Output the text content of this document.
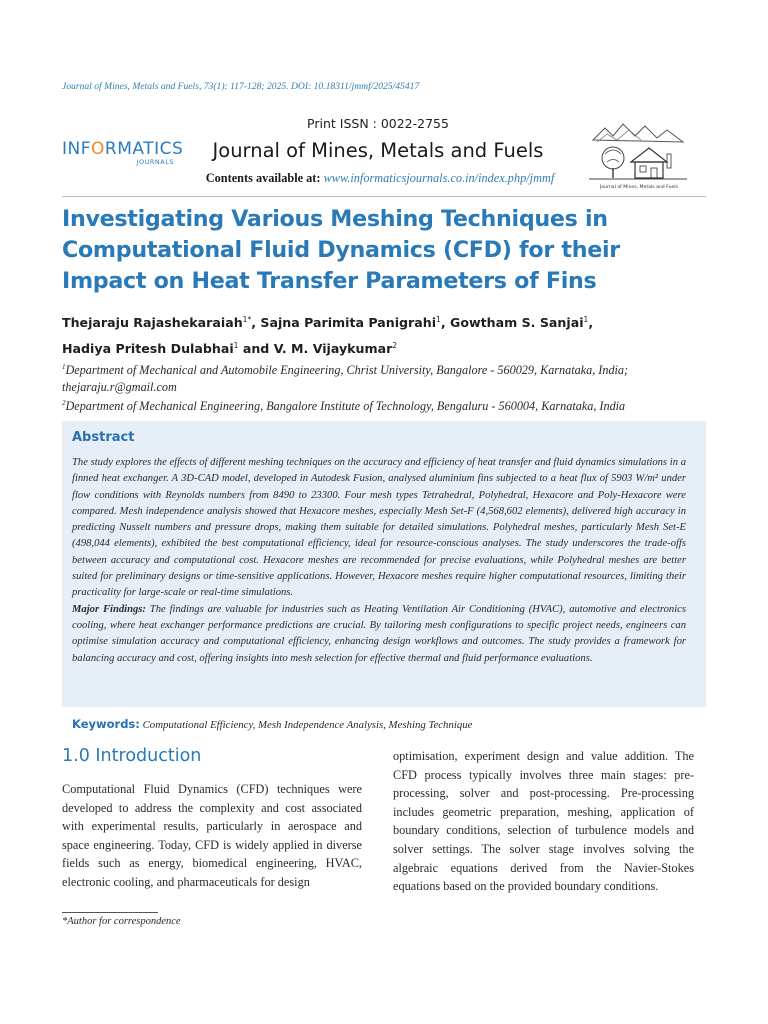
Journal of Mines, Metals and Fuels, 73(1): 117-128; 2025. DOI: 10.18311/jmmf/2025/45417
INFORMATICS
JOURNALS
Print ISSN : 0022-2755
Journal of Mines, Metals and Fuels
Contents available at: www.informaticsjournals.co.in/index.php/jmmf
Journal of Mines, Metals and Fuels
Investigating Various Meshing Techniques in Computational Fluid Dynamics (CFD) for their Impact on Heat Transfer Parameters of Fins
Thejaraju Rajashekaraiah$^{1*}$, Sajna Parimita Panigrahi$^1$, Gowtham S. Sanjai$^1$,
Hadiya Pritesh Dulabhai$^1$ and V. M. Vijaykumar$^2$
$^1$Department of Mechanical and Automobile Engineering, Christ University, Bangalore - 560029, Karnataka, India; thejaraju.r@gmail.com
$^2$Department of Mechanical Engineering, Bangalore Institute of Technology, Bengaluru - 560004, Karnataka, India
Abstract

The study explores the effects of different meshing techniques on the accuracy and efficiency of heat transfer and fluid dynamics simulations in a finned heat exchanger. A 3D-CAD model, developed in Autodesk Fusion, analysed aluminium fins subjected to a heat flux of 5903 W/m² under flow conditions with Reynolds numbers from 8490 to 23300. Four mesh types Tetrahedral, Polyhedral, Hexacore and Poly-Hexacore were compared. Mesh independence analysis showed that Hexacore meshes, especially Mesh Set-F (4,568,602 elements), delivered high accuracy in predicting Nusselt numbers and pressure drops, making them suitable for detailed simulations. Polyhedral meshes, particularly Mesh Set-E (498,044 elements), exhibited the best computational efficiency, ideal for resource-conscious analyses. The study underscores the trade-offs between accuracy and computational cost. Hexacore meshes are recommended for precise evaluations, while Polyhedral meshes are better suited for preliminary designs or time-sensitive applications. However, Hexacore meshes require higher computational resources, limiting their practicality for large-scale or real-time simulations.

Major Findings: The findings are valuable for industries such as Heating Ventilation Air Conditioning (HVAC), automotive and electronics cooling, where heat exchanger performance predictions are crucial. By tailoring mesh configurations to specific project needs, engineers can optimise simulation accuracy and computational efficiency, enhancing design workflows and outcomes. The study provides a framework for balancing accuracy and cost, offering insights into mesh selection for effective thermal and fluid performance evaluations.

Keywords: Computational Efficiency, Mesh Independence Analysis, Meshing Technique
1.0 Introduction
Computational Fluid Dynamics (CFD) techniques were developed to address the complexity and cost associated with experimental results, particularly in aerospace and space engineering. Today, CFD is widely applied in diverse fields such as energy, biomedical engineering, HVAC, electronic cooling, and pharmaceuticals for design
optimisation, experiment design and value addition. The CFD process typically involves three main stages: pre-processing, solver and post-processing. Pre-processing includes geometric preparation, meshing, application of boundary conditions, selection of turbulence models and solver settings. The solver stage involves solving the algebraic equations derived from the Navier-Stokes equations based on the provided boundary conditions.
*Author for correspondence
